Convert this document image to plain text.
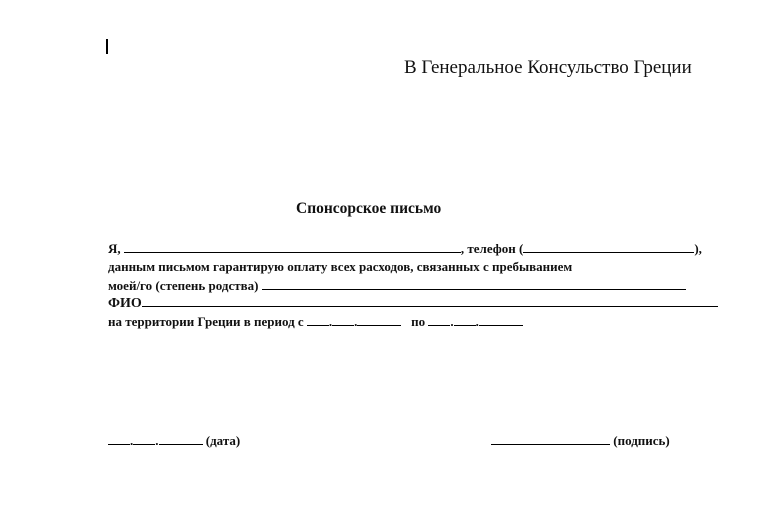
В Генеральное Консульство Греции
Спонсорское письмо
Я,	, телефон (	),
данным письмом гарантирую оплату всех расходов, связанных с пребыванием
моей/го (степень родства)
ФИО
на территории Греции в период с . .	по . .
. .	(дата)	(подпись)
